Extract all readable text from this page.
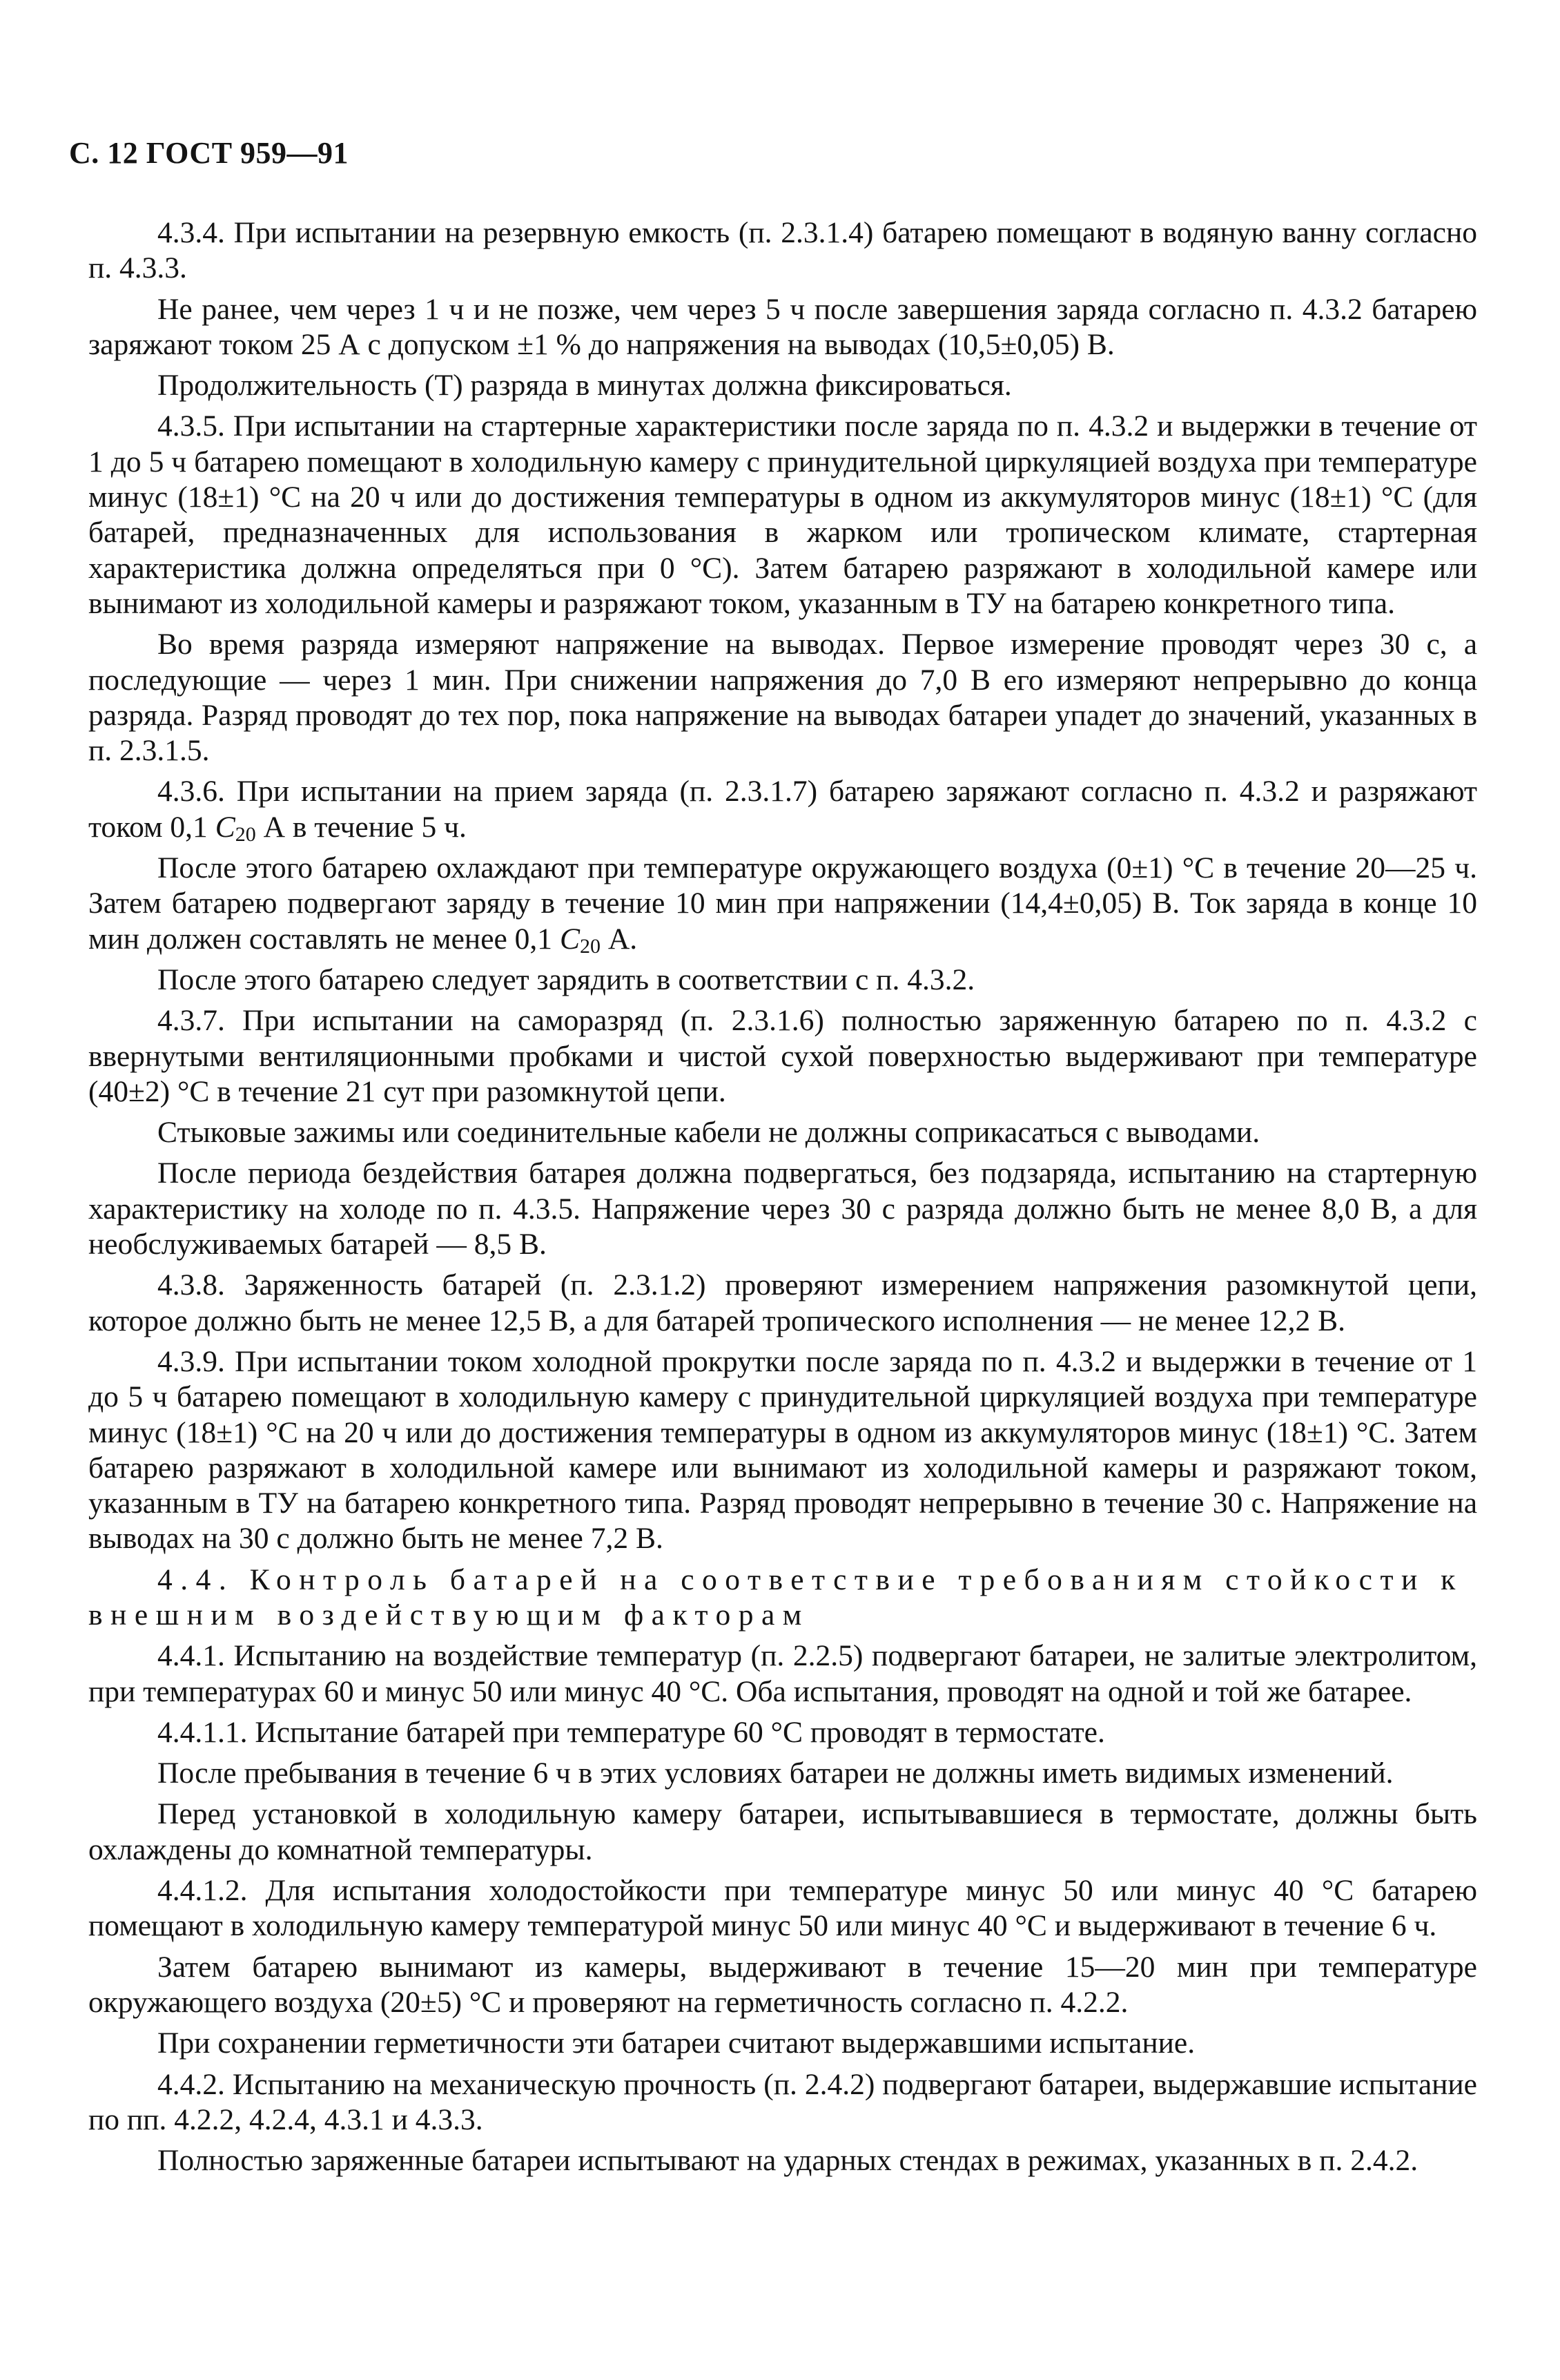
С. 12 ГОСТ 959—91

4.3.4. При испытании на резервную емкость (п. 2.3.1.4) батарею помещают в водяную ванну согласно п. 4.3.3.

Не ранее, чем через 1 ч и не позже, чем через 5 ч после завершения заряда согласно п. 4.3.2 батарею заряжают током 25 А с допуском ±1 % до напряжения на выводах (10,5±0,05) В.

Продолжительность (T) разряда в минутах должна фиксироваться.

4.3.5. При испытании на стартерные характеристики после заряда по п. 4.3.2 и выдержки в течение от 1 до 5 ч батарею помещают в холодильную камеру с принудительной циркуляцией воздуха при температуре минус (18±1) °С на 20 ч или до достижения температуры в одном из аккумуляторов минус (18±1) °С (для батарей, предназначенных для использования в жарком или тропическом климате, стартерная характеристика должна определяться при 0 °С). Затем батарею разряжают в холодильной камере или вынимают из холодильной камеры и разряжают током, указанным в ТУ на батарею конкретного типа.

Во время разряда измеряют напряжение на выводах. Первое измерение проводят через 30 с, а последующие — через 1 мин. При снижении напряжения до 7,0 В его измеряют непрерывно до конца разряда. Разряд проводят до тех пор, пока напряжение на выводах батареи упадет до значений, указанных в п. 2.3.1.5.

4.3.6. При испытании на прием заряда (п. 2.3.1.7) батарею заряжают согласно п. 4.3.2 и разряжают током 0,1 $C_{20}$ А в течение 5 ч.

После этого батарею охлаждают при температуре окружающего воздуха (0±1) °С в течение 20—25 ч. Затем батарею подвергают заряду в течение 10 мин при напряжении (14,4±0,05) В. Ток заряда в конце 10 мин должен составлять не менее 0,1 $C_{20}$ А.

После этого батарею следует зарядить в соответствии с п. 4.3.2.

4.3.7. При испытании на саморазряд (п. 2.3.1.6) полностью заряженную батарею по п. 4.3.2 с ввернутыми вентиляционными пробками и чистой сухой поверхностью выдерживают при температуре (40±2) °С в течение 21 сут при разомкнутой цепи.

Стыковые зажимы или соединительные кабели не должны соприкасаться с выводами.

После периода бездействия батарея должна подвергаться, без подзаряда, испытанию на стартерную характеристику на холоде по п. 4.3.5. Напряжение через 30 с разряда должно быть не менее 8,0 В, а для необслуживаемых батарей — 8,5 В.

4.3.8. Заряженность батарей (п. 2.3.1.2) проверяют измерением напряжения разомкнутой цепи, которое должно быть не менее 12,5 В, а для батарей тропического исполнения — не менее 12,2 В.

4.3.9. При испытании током холодной прокрутки после заряда по п. 4.3.2 и выдержки в течение от 1 до 5 ч батарею помещают в холодильную камеру с принудительной циркуляцией воздуха при температуре минус (18±1) °С на 20 ч или до достижения температуры в одном из аккумуляторов минус (18±1) °С. Затем батарею разряжают в холодильной камере или вынимают из холодильной камеры и разряжают током, указанным в ТУ на батарею конкретного типа. Разряд проводят непрерывно в течение 30 с. Напряжение на выводах на 30 с должно быть не менее 7,2 В.

4.4. Контроль батарей на соответствие требованиям стойкости к внешним воздействующим факторам

4.4.1. Испытанию на воздействие температур (п. 2.2.5) подвергают батареи, не залитые электролитом, при температурах 60 и минус 50 или минус 40 °С. Оба испытания, проводят на одной и той же батарее.

4.4.1.1. Испытание батарей при температуре 60 °С проводят в термостате.

После пребывания в течение 6 ч в этих условиях батареи не должны иметь видимых изменений.

Перед установкой в холодильную камеру батареи, испытывавшиеся в термостате, должны быть охлаждены до комнатной температуры.

4.4.1.2. Для испытания холодостойкости при температуре минус 50 или минус 40 °С батарею помещают в холодильную камеру температурой минус 50 или минус 40 °С и выдерживают в течение 6 ч.

Затем батарею вынимают из камеры, выдерживают в течение 15—20 мин при температуре окружающего воздуха (20±5) °С и проверяют на герметичность согласно п. 4.2.2.

При сохранении герметичности эти батареи считают выдержавшими испытание.

4.4.2. Испытанию на механическую прочность (п. 2.4.2) подвергают батареи, выдержавшие испытание по пп. 4.2.2, 4.2.4, 4.3.1 и 4.3.3.

Полностью заряженные батареи испытывают на ударных стендах в режимах, указанных в п. 2.4.2.
